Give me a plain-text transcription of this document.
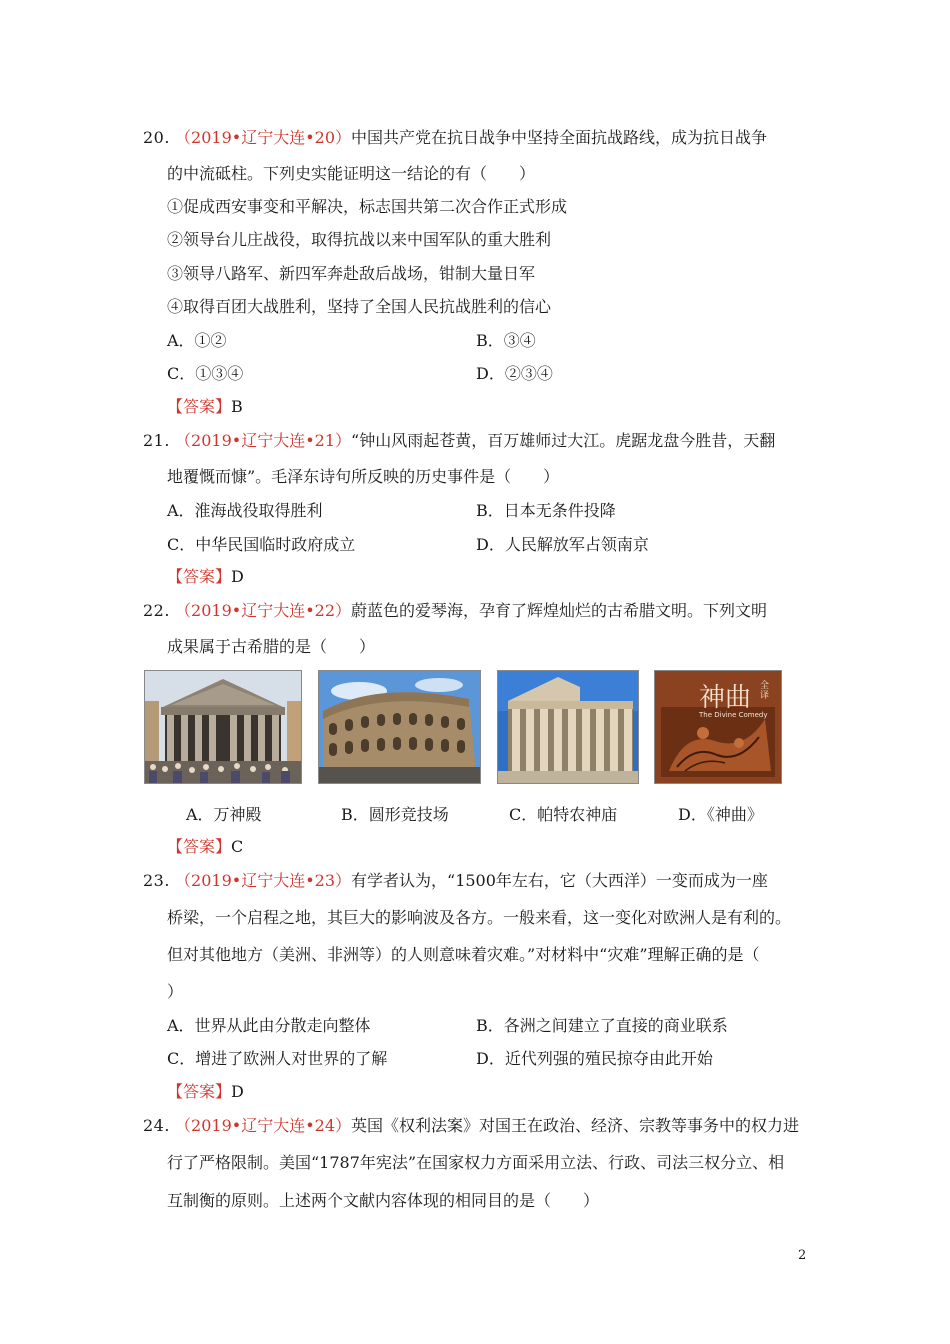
20. （2019•辽宁大连•20）中国共产党在抗日战争中坚持全面抗战路线，成为抗日战争
的中流砥柱。下列史实能证明这一结论的有（　　）
①促成西安事变和平解决，标志国共第二次合作正式形成
②领导台儿庄战役，取得抗战以来中国军队的重大胜利
③领导八路军、新四军奔赴敌后战场，钳制大量日军
④取得百团大战胜利，坚持了全国人民抗战胜利的信心
A．①②	B．③④
C．①③④	D．②③④
【答案】B
21. （2019•辽宁大连•21）“钟山风雨起苍黄，百万雄师过大江。虎踞龙盘今胜昔，天翻
地覆慨而慷”。毛泽东诗句所反映的历史事件是（　　）
A．淮海战役取得胜利	B．日本无条件投降
C．中华民国临时政府成立	D．人民解放军占领南京
【答案】D
22. （2019•辽宁大连•22）蔚蓝色的爱琴海，孕育了辉煌灿烂的古希腊文明。下列文明
成果属于古希腊的是（　　）
神曲 全译
The Divine Comedy
A．万神殿	B．圆形竞技场	C．帕特农神庙	D．《神曲》
【答案】C
23. （2019•辽宁大连•23）有学者认为，“1500年左右，它（大西洋）一变而成为一座
桥梁，一个启程之地，其巨大的影响波及各方。一般来看，这一变化对欧洲人是有利的。
但对其他地方（美洲、非洲等）的人则意味着灾难。”对材料中“灾难”理解正确的是（
）
A．世界从此由分散走向整体	B．各洲之间建立了直接的商业联系
C．增进了欧洲人对世界的了解	D．近代列强的殖民掠夺由此开始
【答案】D
24. （2019•辽宁大连•24）英国《权利法案》对国王在政治、经济、宗教等事务中的权力进
行了严格限制。美国“1787年宪法”在国家权力方面采用立法、行政、司法三权分立、相
互制衡的原则。上述两个文献内容体现的相同目的是（　　）
2
